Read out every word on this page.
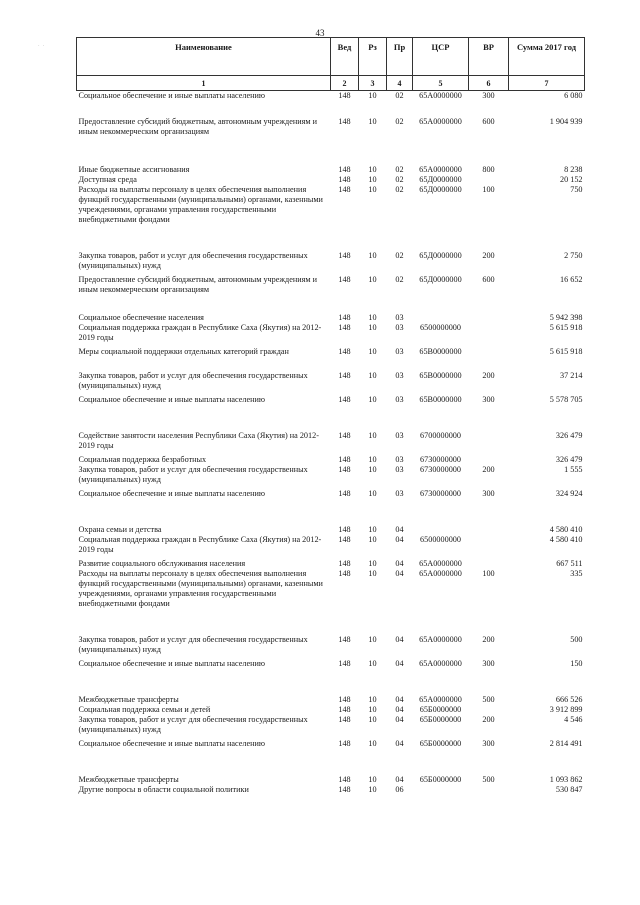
43
· ·	Наименование	Вед	Рз	Пр	ЦСР	ВР	Сумма 2017 год
1	2	3	4	5	6	7
Социальное обеспечение и иные выплаты населению	148	10	02	65А0000000	300	6 080
Предоставление субсидий бюджетным, автономным учреждениям и иным некоммерческим организациям	148	10	02	65А0000000	600	1 904 939
Иные бюджетные ассигнования	148	10	02	65А0000000	800	8 238
Доступная среда	148	10	02	65Д0000000		20 152
Расходы на выплаты персоналу в целях обеспечения выполнения функций государственными (муниципальными) органами, казенными учреждениями, органами управления государственными внебюджетными фондами	148	10	02	65Д0000000	100	750
Закупка товаров, работ и услуг для обеспечения государственных (муниципальных) нужд	148	10	02	65Д0000000	200	2 750
Предоставление субсидий бюджетным, автономным учреждениям и иным некоммерческим организациям	148	10	02	65Д0000000	600	16 652
Социальное обеспечение населения	148	10	03			5 942 398
Социальная поддержка граждан в Республике Саха (Якутия) на 2012-2019 годы	148	10	03	6500000000		5 615 918
Меры социальной поддержки отдельных категорий граждан	148	10	03	65В0000000		5 615 918
Закупка товаров, работ и услуг для обеспечения государственных (муниципальных) нужд	148	10	03	65В0000000	200	37 214
Социальное обеспечение и иные выплаты населению	148	10	03	65В0000000	300	5 578 705
Содействие занятости населения Республики Саха (Якутия) на 2012-2019 годы	148	10	03	6700000000		326 479
Социальная поддержка безработных	148	10	03	6730000000		326 479
Закупка товаров, работ и услуг для обеспечения государственных (муниципальных) нужд	148	10	03	6730000000	200	1 555
Социальное обеспечение и иные выплаты населению	148	10	03	6730000000	300	324 924
Охрана семьи и детства	148	10	04			4 580 410
Социальная поддержка граждан в Республике Саха (Якутия) на 2012-2019 годы	148	10	04	6500000000		4 580 410
Развитие социального обслуживания населения	148	10	04	65А0000000		667 511
Расходы на выплаты персоналу в целях обеспечения выполнения функций государственными (муниципальными) органами, казенными учреждениями, органами управления государственными внебюджетными фондами	148	10	04	65А0000000	100	335
Закупка товаров, работ и услуг для обеспечения государственных (муниципальных) нужд	148	10	04	65А0000000	200	500
Социальное обеспечение и иные выплаты населению	148	10	04	65А0000000	300	150
Межбюджетные трансферты	148	10	04	65А0000000	500	666 526
Социальная поддержка семьи и детей	148	10	04	65Б0000000		3 912 899
Закупка товаров, работ и услуг для обеспечения государственных (муниципальных) нужд	148	10	04	65Б0000000	200	4 546
Социальное обеспечение и иные выплаты населению	148	10	04	65Б0000000	300	2 814 491
Межбюджетные трансферты	148	10	04	65Б0000000	500	1 093 862
Другие вопросы в области социальной политики	148	10	06			530 847
